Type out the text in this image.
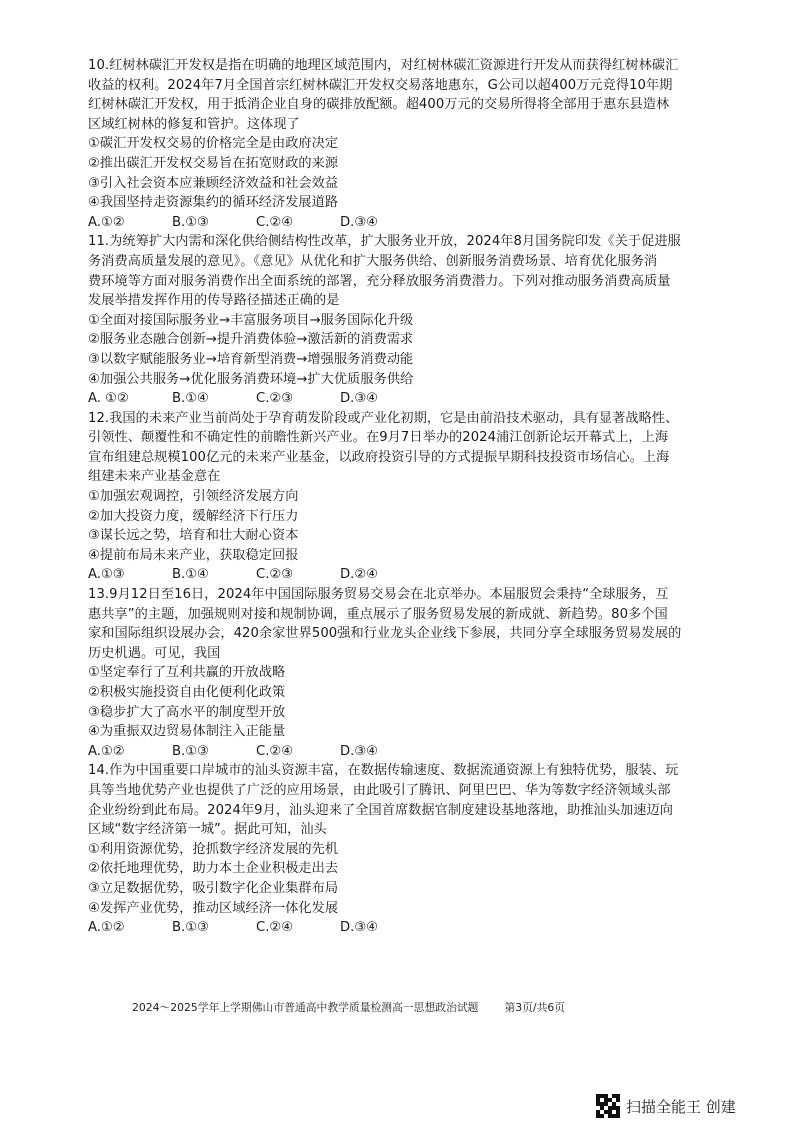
10.红树林碳汇开发权是指在明确的地理区域范围内，对红树林碳汇资源进行开发从而获得红树林碳汇
收益的权利。2024年7月全国首宗红树林碳汇开发权交易落地惠东，G公司以超400万元竞得10年期
红树林碳汇开发权，用于抵消企业自身的碳排放配额。超400万元的交易所得将全部用于惠东县造林
区域红树林的修复和管护。这体现了
①碳汇开发权交易的价格完全是由政府决定
②推出碳汇开发权交易旨在拓宽财政的来源
③引入社会资本应兼顾经济效益和社会效益
④我国坚持走资源集约的循环经济发展道路
A.①②	B.①③	C.②④	D.③④
11.为统筹扩大内需和深化供给侧结构性改革，扩大服务业开放，2024年8月国务院印发《关于促进服
务消费高质量发展的意见》。《意见》从优化和扩大服务供给、创新服务消费场景、培育优化服务消
费环境等方面对服务消费作出全面系统的部署，充分释放服务消费潜力。下列对推动服务消费高质量
发展举措发挥作用的传导路径描述正确的是
①全面对接国际服务业→丰富服务项目→服务国际化升级
②服务业态融合创新→提升消费体验→激活新的消费需求
③以数字赋能服务业→培育新型消费→增强服务消费动能
④加强公共服务→优化服务消费环境→扩大优质服务供给
A. ①②	B.①④	C.②③	D.③④
12.我国的未来产业当前尚处于孕育萌发阶段或产业化初期，它是由前沿技术驱动，具有显著战略性、
引领性、颠覆性和不确定性的前瞻性新兴产业。在9月7日举办的2024浦江创新论坛开幕式上，上海
宣布组建总规模100亿元的未来产业基金，以政府投资引导的方式提振早期科技投资市场信心。上海
组建未来产业基金意在
①加强宏观调控，引领经济发展方向
②加大投资力度，缓解经济下行压力
③谋长远之势，培育和壮大耐心资本
④提前布局未来产业，获取稳定回报
A.①③	B.①④	C.②③	D.②④
13.9月12日至16日，2024年中国国际服务贸易交易会在北京举办。本届服贸会秉持“全球服务，互
惠共享”的主题，加强规则对接和规制协调，重点展示了服务贸易发展的新成就、新趋势。80多个国
家和国际组织设展办会，420余家世界500强和行业龙头企业线下参展，共同分享全球服务贸易发展的
历史机遇。可见，我国
①坚定奉行了互利共赢的开放战略
②积极实施投资自由化便利化政策
③稳步扩大了高水平的制度型开放
④为重振双边贸易体制注入正能量
A.①②	B.①③	C.②④	D.③④
14.作为中国重要口岸城市的汕头资源丰富，在数据传输速度、数据流通资源上有独特优势，服装、玩
具等当地优势产业也提供了广泛的应用场景，由此吸引了腾讯、阿里巴巴、华为等数字经济领域头部
企业纷纷到此布局。2024年9月，汕头迎来了全国首席数据官制度建设基地落地，助推汕头加速迈向
区域“数字经济第一城”。据此可知，汕头
①利用资源优势，抢抓数字经济发展的先机
②依托地理优势，助力本土企业积极走出去
③立足数据优势，吸引数字化企业集群布局
④发挥产业优势，推动区域经济一体化发展
A.①②	B.①③	C.②④	D.③④
2024～2025学年上学期佛山市普通高中教学质量检测高一思想政治试题 第3页/共6页
扫描全能王 创建
